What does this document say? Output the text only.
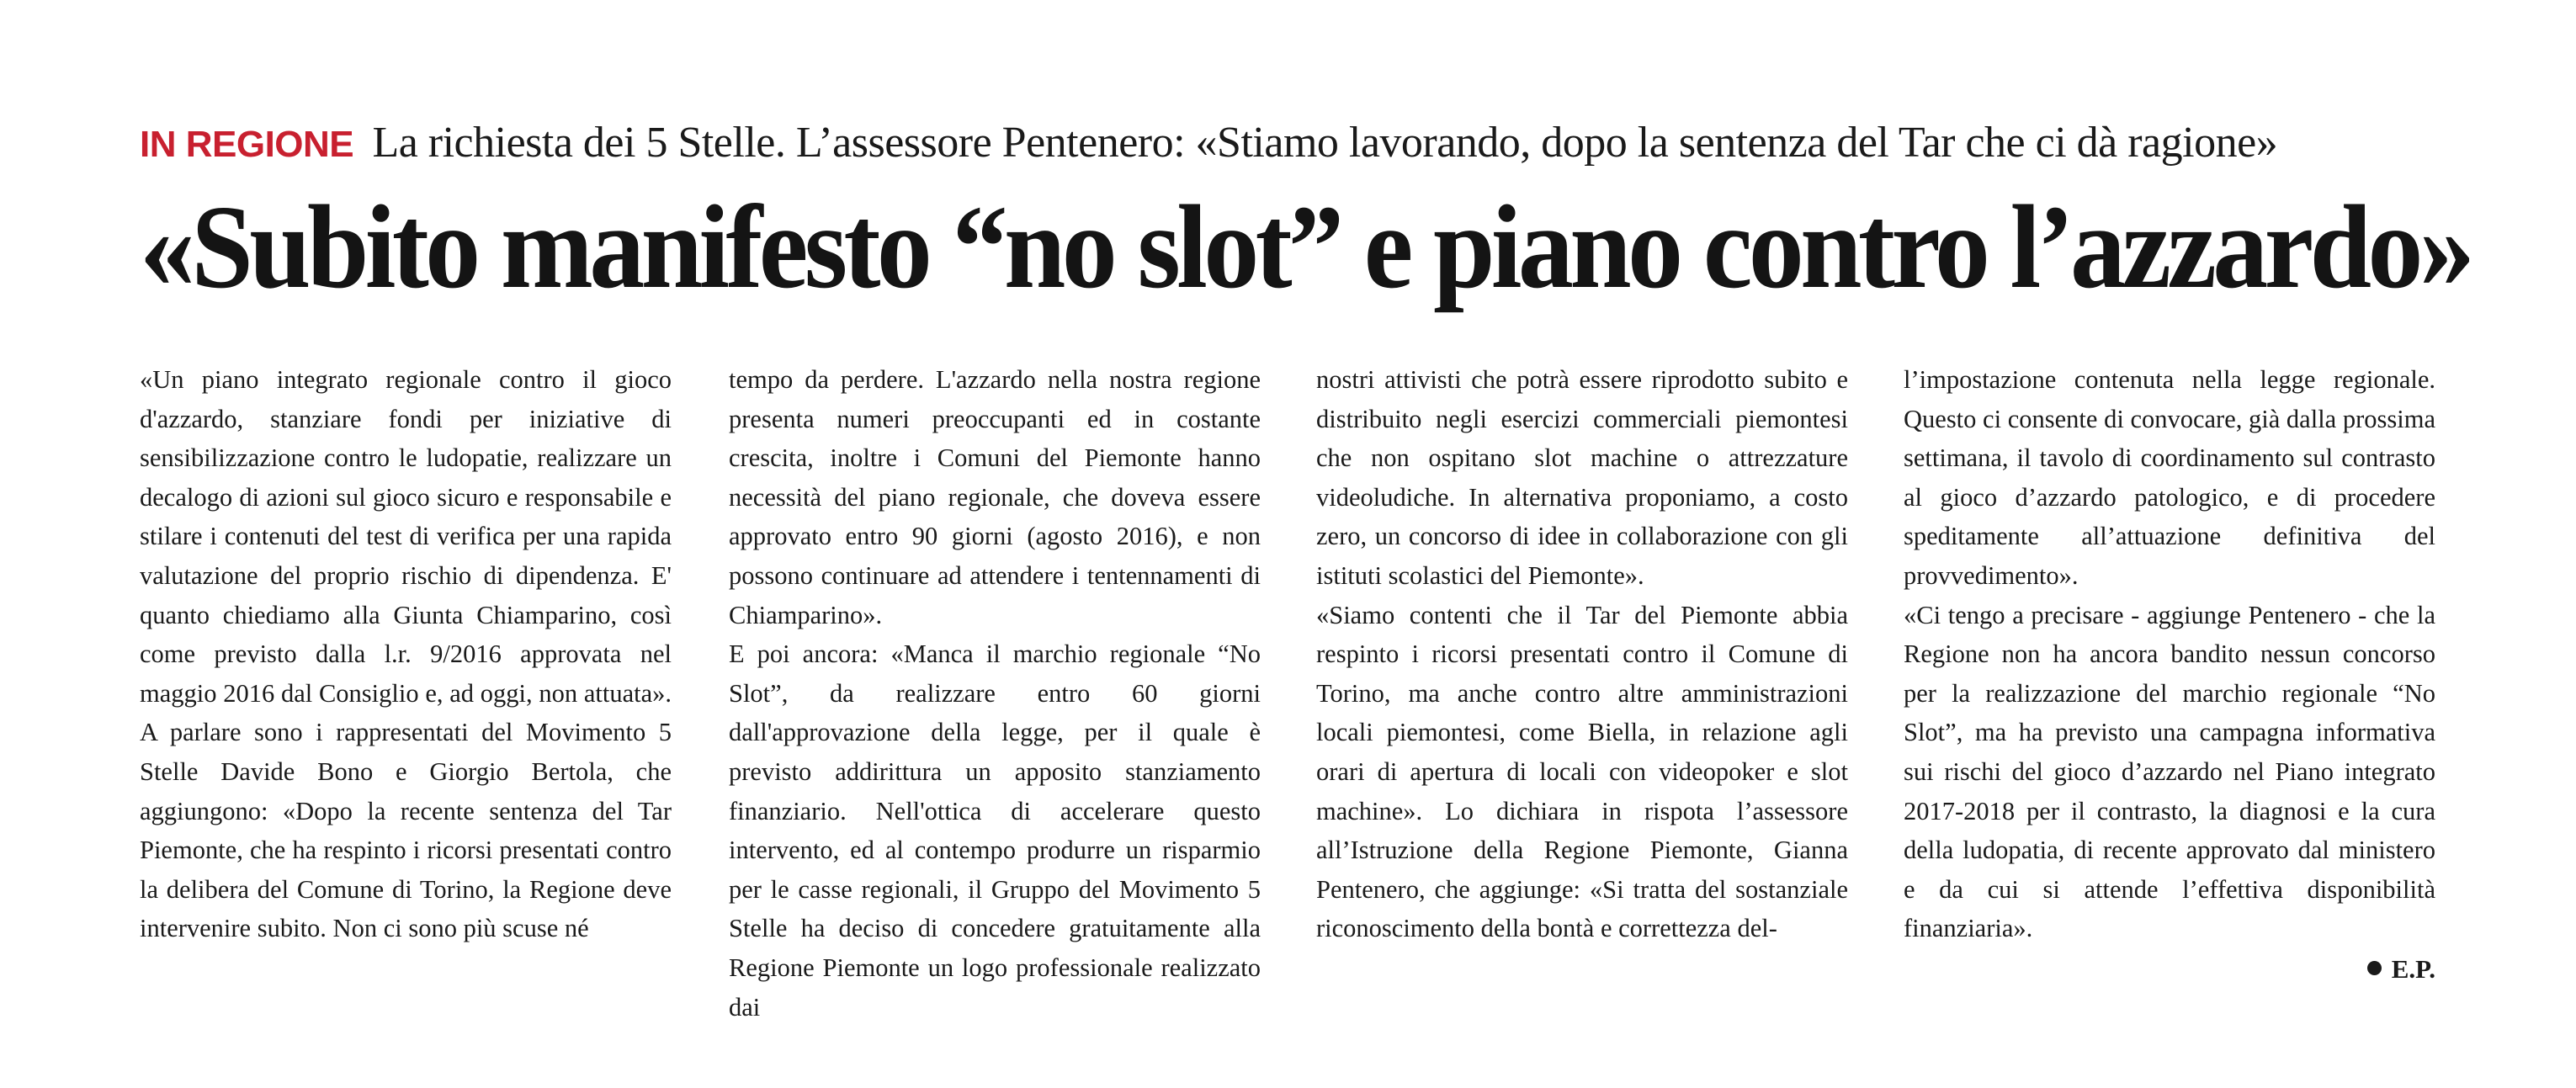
IN REGIONE La richiesta dei 5 Stelle. L’assessore Pentenero: «Stiamo lavorando, dopo la sentenza del Tar che ci dà ragione»
«Subito manifesto “no slot” e piano contro l’azzardo»

«Un piano integrato regionale contro il gioco d'azzardo, stanziare fondi per iniziative di sensibilizzazione contro le ludopatie, realizzare un decalogo di azioni sul gioco sicuro e responsabile e stilare i contenuti del test di verifica per una rapida valutazione del proprio rischio di dipendenza. E' quanto chiediamo alla Giunta Chiamparino, così come previsto dalla l.r. 9/2016 approvata nel maggio 2016 dal Consiglio e, ad oggi, non attuata». A parlare sono i rappresentati del Movimento 5 Stelle Davide Bono e Giorgio Bertola, che aggiungono: «Dopo la recente sentenza del Tar Piemonte, che ha respinto i ricorsi presentati contro la delibera del Comune di Torino, la Regione deve intervenire subito. Non ci sono più scuse né

tempo da perdere. L'azzardo nella nostra regione presenta numeri preoccupanti ed in costante crescita, inoltre i Comuni del Piemonte hanno necessità del piano regionale, che doveva essere approvato entro 90 giorni (agosto 2016), e non possono continuare ad attendere i tentennamenti di Chiamparino».

E poi ancora: «Manca il marchio regionale “No Slot”, da realizzare entro 60 giorni dall'approvazione della legge, per il quale è previsto addirittura un apposito stanziamento finanziario. Nell'ottica di accelerare questo intervento, ed al contempo produrre un risparmio per le casse regionali, il Gruppo del Movimento 5 Stelle ha deciso di concedere gratuitamente alla Regione Piemonte un logo professionale realizzato dai

nostri attivisti che potrà essere riprodotto subito e distribuito negli esercizi commerciali piemontesi che non ospitano slot machine o attrezzature videoludiche. In alternativa proponiamo, a costo zero, un concorso di idee in collaborazione con gli istituti scolastici del Piemonte».

«Siamo contenti che il Tar del Piemonte abbia respinto i ricorsi presentati contro il Comune di Torino, ma anche contro altre amministrazioni locali piemontesi, come Biella, in relazione agli orari di apertura di locali con videopoker e slot machine». Lo dichiara in rispota l’assessore all’Istruzione della Regione Piemonte, Gianna Pentenero, che aggiunge: «Si tratta del sostanziale riconoscimento della bontà e correttezza del-

l’impostazione contenuta nella legge regionale. Questo ci consente di convocare, già dalla prossima settimana, il tavolo di coordinamento sul contrasto al gioco d’azzardo patologico, e di procedere speditamente all’attuazione definitiva del provvedimento».

«Ci tengo a precisare - aggiunge Pentenero - che la Regione non ha ancora bandito nessun concorso per la realizzazione del marchio regionale “No Slot”, ma ha previsto una campagna informativa sui rischi del gioco d’azzardo nel Piano integrato 2017-2018 per il contrasto, la diagnosi e la cura della ludopatia, di recente approvato dal ministero e da cui si attende l’effettiva disponibilità finanziaria».

E.P.
